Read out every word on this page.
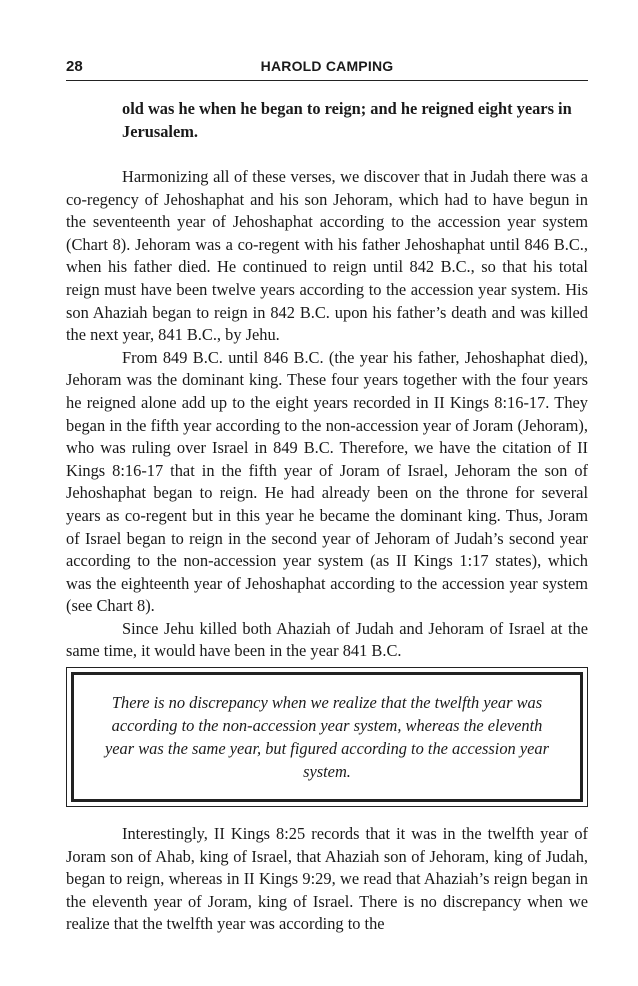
28	HAROLD CAMPING
old was he when he began to reign; and he reigned eight years in Jerusalem.

Harmonizing all of these verses, we discover that in Judah there was a co-regency of Jehoshaphat and his son Jehoram, which had to have begun in the seventeenth year of Jehoshaphat according to the accession year system (Chart 8). Jehoram was a co-regent with his father Jehoshaphat until 846 B.C., when his father died. He continued to reign until 842 B.C., so that his total reign must have been twelve years according to the accession year system. His son Ahaziah began to reign in 842 B.C. upon his father’s death and was killed the next year, 841 B.C., by Jehu.

From 849 B.C. until 846 B.C. (the year his father, Jehoshaphat died), Jehoram was the dominant king. These four years together with the four years he reigned alone add up to the eight years recorded in II Kings 8:16-17. They began in the fifth year according to the non-accession year of Joram (Jehoram), who was ruling over Israel in 849 B.C. Therefore, we have the citation of II Kings 8:16-17 that in the fifth year of Joram of Israel, Jehoram the son of Jehoshaphat began to reign. He had already been on the throne for several years as co-regent but in this year he became the dominant king. Thus, Joram of Israel began to reign in the second year of Jehoram of Judah’s second year according to the non-accession year system (as II Kings 1:17 states), which was the eighteenth year of Jehoshaphat according to the accession year system (see Chart 8).

Since Jehu killed both Ahaziah of Judah and Jehoram of Israel at the same time, it would have been in the year 841 B.C.

There is no discrepancy when we realize that the twelfth year was according to the non-accession year system, whereas the eleventh year was the same year, but figured according to the accession year system.

Interestingly, II Kings 8:25 records that it was in the twelfth year of Joram son of Ahab, king of Israel, that Ahaziah son of Jehoram, king of Judah, began to reign, whereas in II Kings 9:29, we read that Ahaziah’s reign began in the eleventh year of Joram, king of Israel. There is no discrepancy when we realize that the twelfth year was according to the
